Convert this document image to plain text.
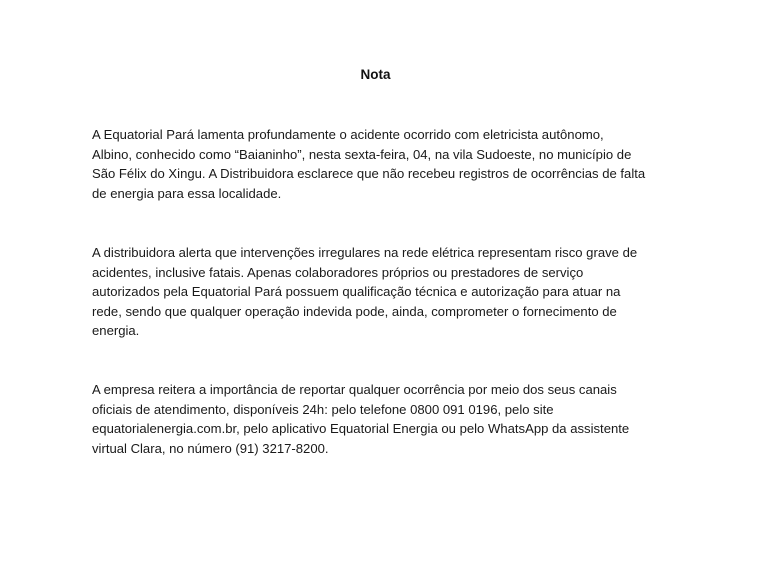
Nota

A Equatorial Pará lamenta profundamente o acidente ocorrido com eletricista autônomo,
Albino, conhecido como “Baianinho”, nesta sexta-feira, 04, na vila Sudoeste, no município de
São Félix do Xingu. A Distribuidora esclarece que não recebeu registros de ocorrências de falta
de energia para essa localidade.

A distribuidora alerta que intervenções irregulares na rede elétrica representam risco grave de
acidentes, inclusive fatais. Apenas colaboradores próprios ou prestadores de serviço
autorizados pela Equatorial Pará possuem qualificação técnica e autorização para atuar na
rede, sendo que qualquer operação indevida pode, ainda, comprometer o fornecimento de
energia.

A empresa reitera a importância de reportar qualquer ocorrência por meio dos seus canais
oficiais de atendimento, disponíveis 24h: pelo telefone 0800 091 0196, pelo site
equatorialenergia.com.br, pelo aplicativo Equatorial Energia ou pelo WhatsApp da assistente
virtual Clara, no número (91) 3217-8200.
